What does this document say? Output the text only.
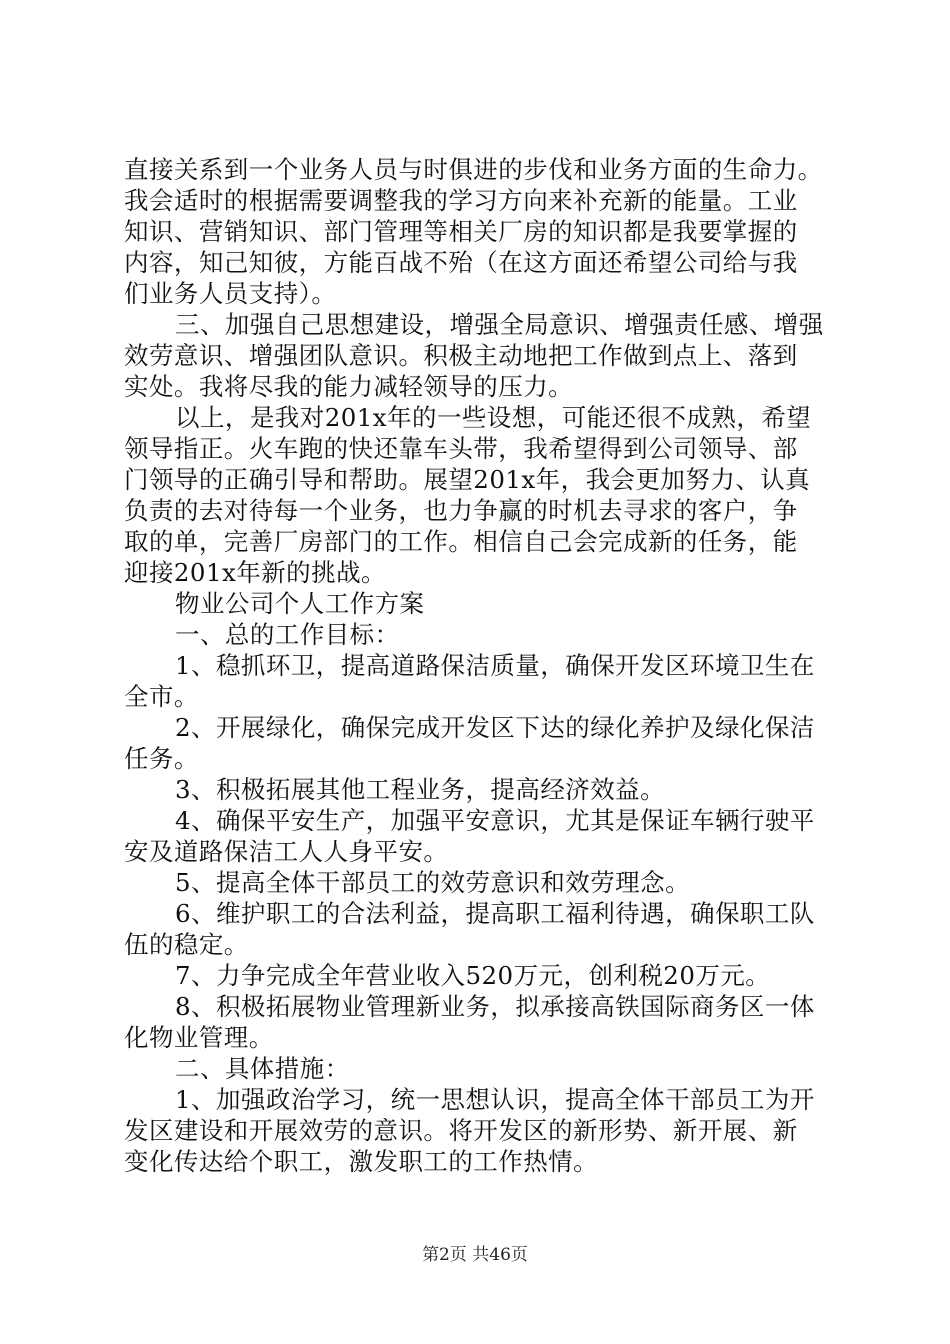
直接关系到一个业务人员与时俱进的步伐和业务方面的生命力。
我会适时的根据需要调整我的学习方向来补充新的能量。工业
知识、营销知识、部门管理等相关厂房的知识都是我要掌握的
内容，知己知彼，方能百战不殆（在这方面还希望公司给与我
们业务人员支持）。
三、加强自己思想建设，增强全局意识、增强责任感、增强
效劳意识、增强团队意识。积极主动地把工作做到点上、落到
实处。我将尽我的能力减轻领导的压力。
以上，是我对201x年的一些设想，可能还很不成熟，希望
领导指正。火车跑的快还靠车头带，我希望得到公司领导、部
门领导的正确引导和帮助。展望201x年，我会更加努力、认真
负责的去对待每一个业务，也力争赢的时机去寻求的客户，争
取的单，完善厂房部门的工作。相信自己会完成新的任务，能
迎接201x年新的挑战。
物业公司个人工作方案
一、总的工作目标：
1、稳抓环卫，提高道路保洁质量，确保开发区环境卫生在
全市。
2、开展绿化，确保完成开发区下达的绿化养护及绿化保洁
任务。
3、积极拓展其他工程业务，提高经济效益。
4、确保平安生产，加强平安意识，尤其是保证车辆行驶平
安及道路保洁工人人身平安。
5、提高全体干部员工的效劳意识和效劳理念。
6、维护职工的合法利益，提高职工福利待遇，确保职工队
伍的稳定。
7、力争完成全年营业收入520万元，创利税20万元。
8、积极拓展物业管理新业务，拟承接高铁国际商务区一体
化物业管理。
二、具体措施：
1、加强政治学习，统一思想认识，提高全体干部员工为开
发区建设和开展效劳的意识。将开发区的新形势、新开展、新
变化传达给个职工，激发职工的工作热情。
第2页 共46页
